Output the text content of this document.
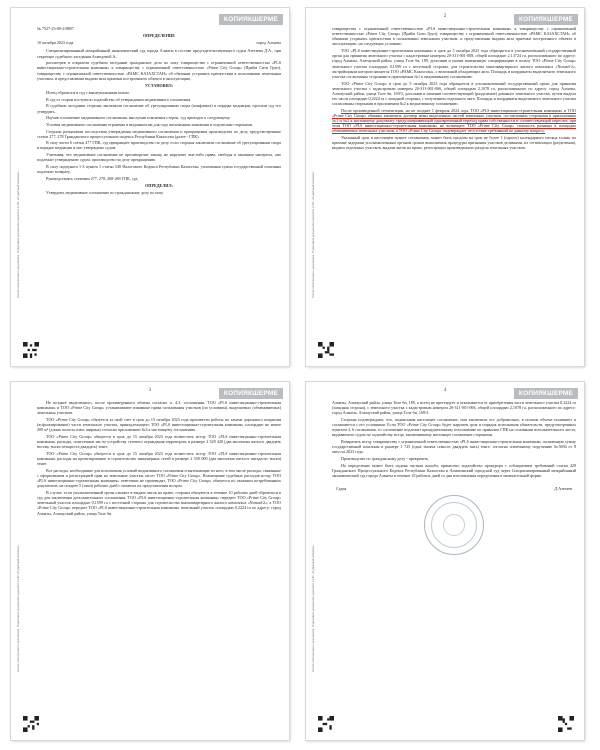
КОПИЯКШЕРМЕ
Копия электронного документа. Подлинник документа хранится в ИС «Судебный кабинет»
№ 7527-23-00-2/8807
ОПРЕДЕЛЕНИЕ
10 октября 2023 года	город Алматы

Специализированный межрайонный экономический суд города Алматы в составе председательствующего судьи Азетаева Д.А., при секретаре судебного заседания Ахмедовой А.,

рассмотрев в открытом судебном заседании гражданское дело по иску товарищества с ограниченной ответственностью «PLS инвестиционно-строительная компания» к товариществу с ограниченной ответственностью «Prime City Group» (Прайм Сити Груп), товариществу с ограниченной ответственностью «РАМС КАЗАХСТАН» об обязании устранить препятствия в пользовании земельным участком, и представлении выдачи акта приемки построенного объекта в эксплуатацию,

УСТАНОВИЛ:

Истец обратился в суд с вышеуказанным иском.

В суд от сторон поступило ходатайство об утверждении медиативного соглашения.

В судебном заседании стороны заключили соглашение об урегулировании спора (конфликта) в порядке медиации, просили суд его утвердить.

Изучив соглашение медиативного соглашения, выслушав пояснения сторон, суд приходит к следующему.

Условия медиативного соглашения отражены в выданном им для суда письменном заявлении и подписаны сторонами.

Стороны разъяснены последствия утверждения медиативного соглашения и прекращения производства по делу, предусмотренные статьи 277, 278 Гражданского процессуального кодекса Республики Казахстан (далее - ГПК).

В силу части 6 статьи 277 ГПК, суд прекращает производство по делу, если стороны заключили соглашение об урегулировании спора в порядке медиации и оно утверждено судом.

Учитывая, что медиативное соглашение не противоречит закону, не нарушает чьи-либо права, свободы и законные интересы, оно подлежит утверждению судом, производство по делу прекращению.

В силу подпункта 1-3 пункта 1 статьи 548 Налогового Кодекса Республики Казахстан, уплаченная сумма государственной пошлины подлежит возврату.

Руководствуясь статьями 277, 278, 268-269 ГПК, суд

ОПРЕДЕЛИЛ:

Утвердить медиативное соглашение по гражданскому делу по иску

КОПИЯКШЕРМЕ
2
Копия электронного документа. Подлинник документа хранится в ИС «Судебный кабинет»

товарищества с ограниченной ответственностью «PLS инвестиционно-строительная компания» к товариществу с ограниченной ответственностью «Prime City Group» (Прайм Сити Груп), товариществу с ограниченной ответственностью «РАМС КАЗАХСТАН» об обязании устранить препятствия в пользовании земельным участком, и представлении выдачи акта приемки построенного объекта в эксплуатацию, на следующих условиях:

ТОО «PLS инвестиционно-строительная компания» в срок до 5 октября 2023 года обращается в уполномоченный государственный орган для принятия земельного участка с кадастровым номером 20-311-001-008, общей площадью 2,13724 га, расположенного по адресу: город Алматы, Алатауский район, улица Толе би, 189, дополнив и указав измененную спецификацию в пользу ТОО «Prime City Group» земельного участка площадью 0,1599 га с восточной стороны, для строительства многоквартирного жилого комплекса «Nomad-2», застройщиком которого является ТОО «РАМС Казахстан», с величиной обладающих акта. Площадь и координаты выделяемого земельного участка согласованы сторонами в приложении №1 к медиативному соглашению.

ТОО «Prime City Group» в срок до 5 октября 2023 года обращается в уполномоченный государственный орган для принятия земельного участка с кадастровым номером 20-311-001-066, общей площадью 2,1078 га, расположенного по адресу: город Алматы, Алатауский район, улица Толе би, 169/3, дополнив и изменив соответствующий (разделение) доникого земельного участка, путем выдела его части площадью 0,2224 га с западной стороны, с получением отдельного акта. Площадь и координаты выделяемого земельного участка согласованы сторонами в приложении №2 к медиативному соглашению.

После произведенной сегментации, но не позднее 1 февраля 2024 года, ТОО «PLS инвестиционно-строительная компания» и ТОО «Prime City Group» обязаны заключить договор мены выделенных частей земельных участков, составленных сторонами в приложениях №1 и №2 к настоящему документу, предусматривающий одновременный переход права собственности и соответствующий пересчет, при этом ТОО «PLS инвестиционно-строительная компания» не возмещает ТОО «Prime City Group» стоимость разницы в площадях обмениваемых земельных участков, а ТОО «Prime City Group» подтверждает отсутствие требований по данному вопросу.

Указанный срок в настоящем пункте соглашения, может быть продлен на срок не более 1 (одного) календарного месяца только по причине задержки уполномоченным органом сроков выполнения процедуры признания участков делимыми, их сегментации (разделения), выдачи отдельных участков, выдачи актов на право, регистрации произведенного раздела земельных участков.

КОПИЯКШЕРМЕ
3
Копия электронного документа. Подлинник документа хранится в ИС «Судебный кабинет»

Не позднее выделенного, после произведенного обмена согласно п. 4.3. соглашения, ТОО «PLS инвестиционно-строительная компания» и ТОО «Prime City Group» устанавливают взаимные права пользования участков (по условиям), выделяемых (обмениваемых) земельных участков.

ТОО «Prime City Group» обязуется за свой счет в срок до 15 октября 2023 года произвести работы по замене дорожного покрытия (асфальтирование) части земельного участка, принадлежащего ТОО «PLS инвестиционно-строительная компания» площадью не менее 200 м² (длина полосы плюс ширина) согласно приложению №3 к настоящему соглашению.

ТОО «Prime City Group» обязуется в срок до 15 октября 2023 года возместить истцу ТОО «PLS инвестиционно-строительная компания» расходы, понесенные им по устройству сетевого ограждения территории, в размере 2 528 420 (два миллиона пятьсот двадцать восемь тысяч четыреста двадцать) тенге.

ТОО «Prime City Group» обязуется в срок до 15 октября 2023 года возместить истцу ТОО «PLS инвестиционно-строительная компания» расходы на проектирование и строительство инженерных сетей в размере 2 550 000 (два миллиона пятьсот пятьдесят тысяч) тенге.

Все расходы, необходимые для исполнения условий медиативного соглашения и вытекающие из него, в том числе расходы, связанные с оформлением и регистрацией прав на земельные участки, несет ТОО «Prime City Group». Возмещение судебных расходов истцу ТОО «PLS инвестиционно-строительная компания» ответчики не производят. ТОО «Prime City Group» обязуется по оказании потребованных документов, не позднее 5 (пяти) рабочих дней с момента их представления истцом.

В случае, если уполномоченный орган откажет в выдаче актов на право, стороны обязуются в течение 10 рабочих дней обратиться в суд для заключения дополнительного соглашения. ТОО «PLS инвестиционно-строительная компания» передает ТОО «Prime City Group» земельный участок площадью 0,1599 га с восточной стороны для строительства многоквартирного жилого комплекса «Nomad-2», а ТОО «Prime City Group» передает ТОО «PLS инвестиционно-строительная компания» земельный участок площадью 0,2224 га по адресу: город Алматы, Алатауский район, улица Толе би.

КОПИЯКШЕРМЕ
4
Копия электронного документа. Подлинник документа хранится в ИС «Судебный кабинет»

Алматы, Алатауский район, улица Толе би, 189, а истец не претендует и отказывается от приобретения части земельного участка 0,2224 га (западная сторона), с земельного участка с кадастровым номером 20-311-001-066, общей площадью 2,1078 га, расположенного по адресу: город Алматы, Алатауский район, улица Толе би, 169/3.

Стороны подтверждают, что, подписывая настоящее соглашение, они заключили его добровольно, в полном объеме понимают и соглашаются с его условиями. Если ТОО «Prime City Group» будет нарушен срок и порядок исполнения обязательств, предусмотренных пунктом 4, 6 соглашения, то соглашение подлежит принудительному исполнению по правилам ГПК на основании исполнительного листа, выдаваемого судом по ходатайству истца, заключившему настоящее соглашение сторонами.

Возвратить истцу товариществу с ограниченной ответственностью «PLS инвестиционно-строительная компания» оплаченную сумму государственной пошлины в размере 1 725 (одна тысяча семьсот двадцать пять) тенге, согласно платежному поручению №5694 от 8 августа 2023 года.

Производство по гражданскому делу - прекратить.

На определение может быть подана частная жалоба, принесено ходатайство прокурора с соблюдением требований статьи 429 Гражданского Процессуального Кодекса Республики Казахстан в Алматинский городской суд через Специализированный межрайонный экономический суд города Алматы в течение 10 рабочих дней со дня изготовления определения в окончательной форме.

Судья	Д.Азетаев
